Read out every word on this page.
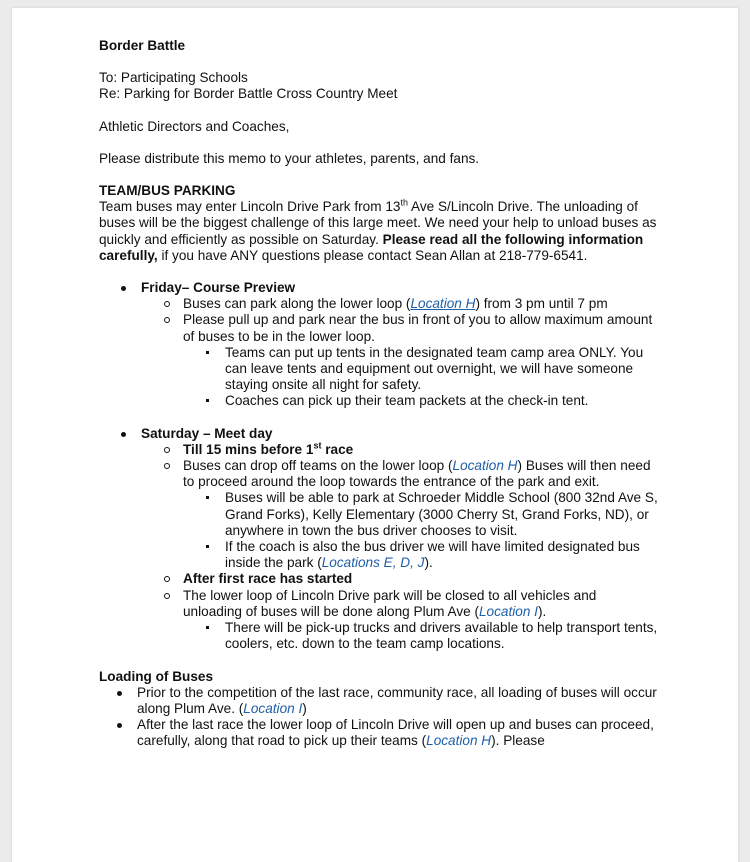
Border Battle

To: Participating Schools

Re: Parking for Border Battle Cross Country Meet

Athletic Directors and Coaches,

Please distribute this memo to your athletes, parents, and fans.

TEAM/BUS PARKING

Team buses may enter Lincoln Drive Park from 13th Ave S/Lincoln Drive. The unloading of buses will be the biggest challenge of this large meet. We need your help to unload buses as quickly and efficiently as possible on Saturday. Please read all the following information carefully, if you have ANY questions please contact Sean Allan at 218-779-6541.

Friday– Course Preview
Buses can park along the lower loop (Location H) from 3 pm until 7 pm
Please pull up and park near the bus in front of you to allow maximum amount of buses to be in the lower loop.
Teams can put up tents in the designated team camp area ONLY. You can leave tents and equipment out overnight, we will have someone staying onsite all night for safety.
Coaches can pick up their team packets at the check-in tent.
Saturday – Meet day
Till 15 mins before 1st race
Buses can drop off teams on the lower loop (Location H) Buses will then need to proceed around the loop towards the entrance of the park and exit.
Buses will be able to park at Schroeder Middle School (800 32nd Ave S, Grand Forks), Kelly Elementary (3000 Cherry St, Grand Forks, ND), or anywhere in town the bus driver chooses to visit.
If the coach is also the bus driver we will have limited designated bus inside the park (Locations E, D, J).
After first race has started
The lower loop of Lincoln Drive park will be closed to all vehicles and unloading of buses will be done along Plum Ave (Location I).
There will be pick-up trucks and drivers available to help transport tents, coolers, etc. down to the team camp locations.

Loading of Buses

Prior to the competition of the last race, community race, all loading of buses will occur along Plum Ave. (Location I)
After the last race the lower loop of Lincoln Drive will open up and buses can proceed, carefully, along that road to pick up their teams (Location H). Please
